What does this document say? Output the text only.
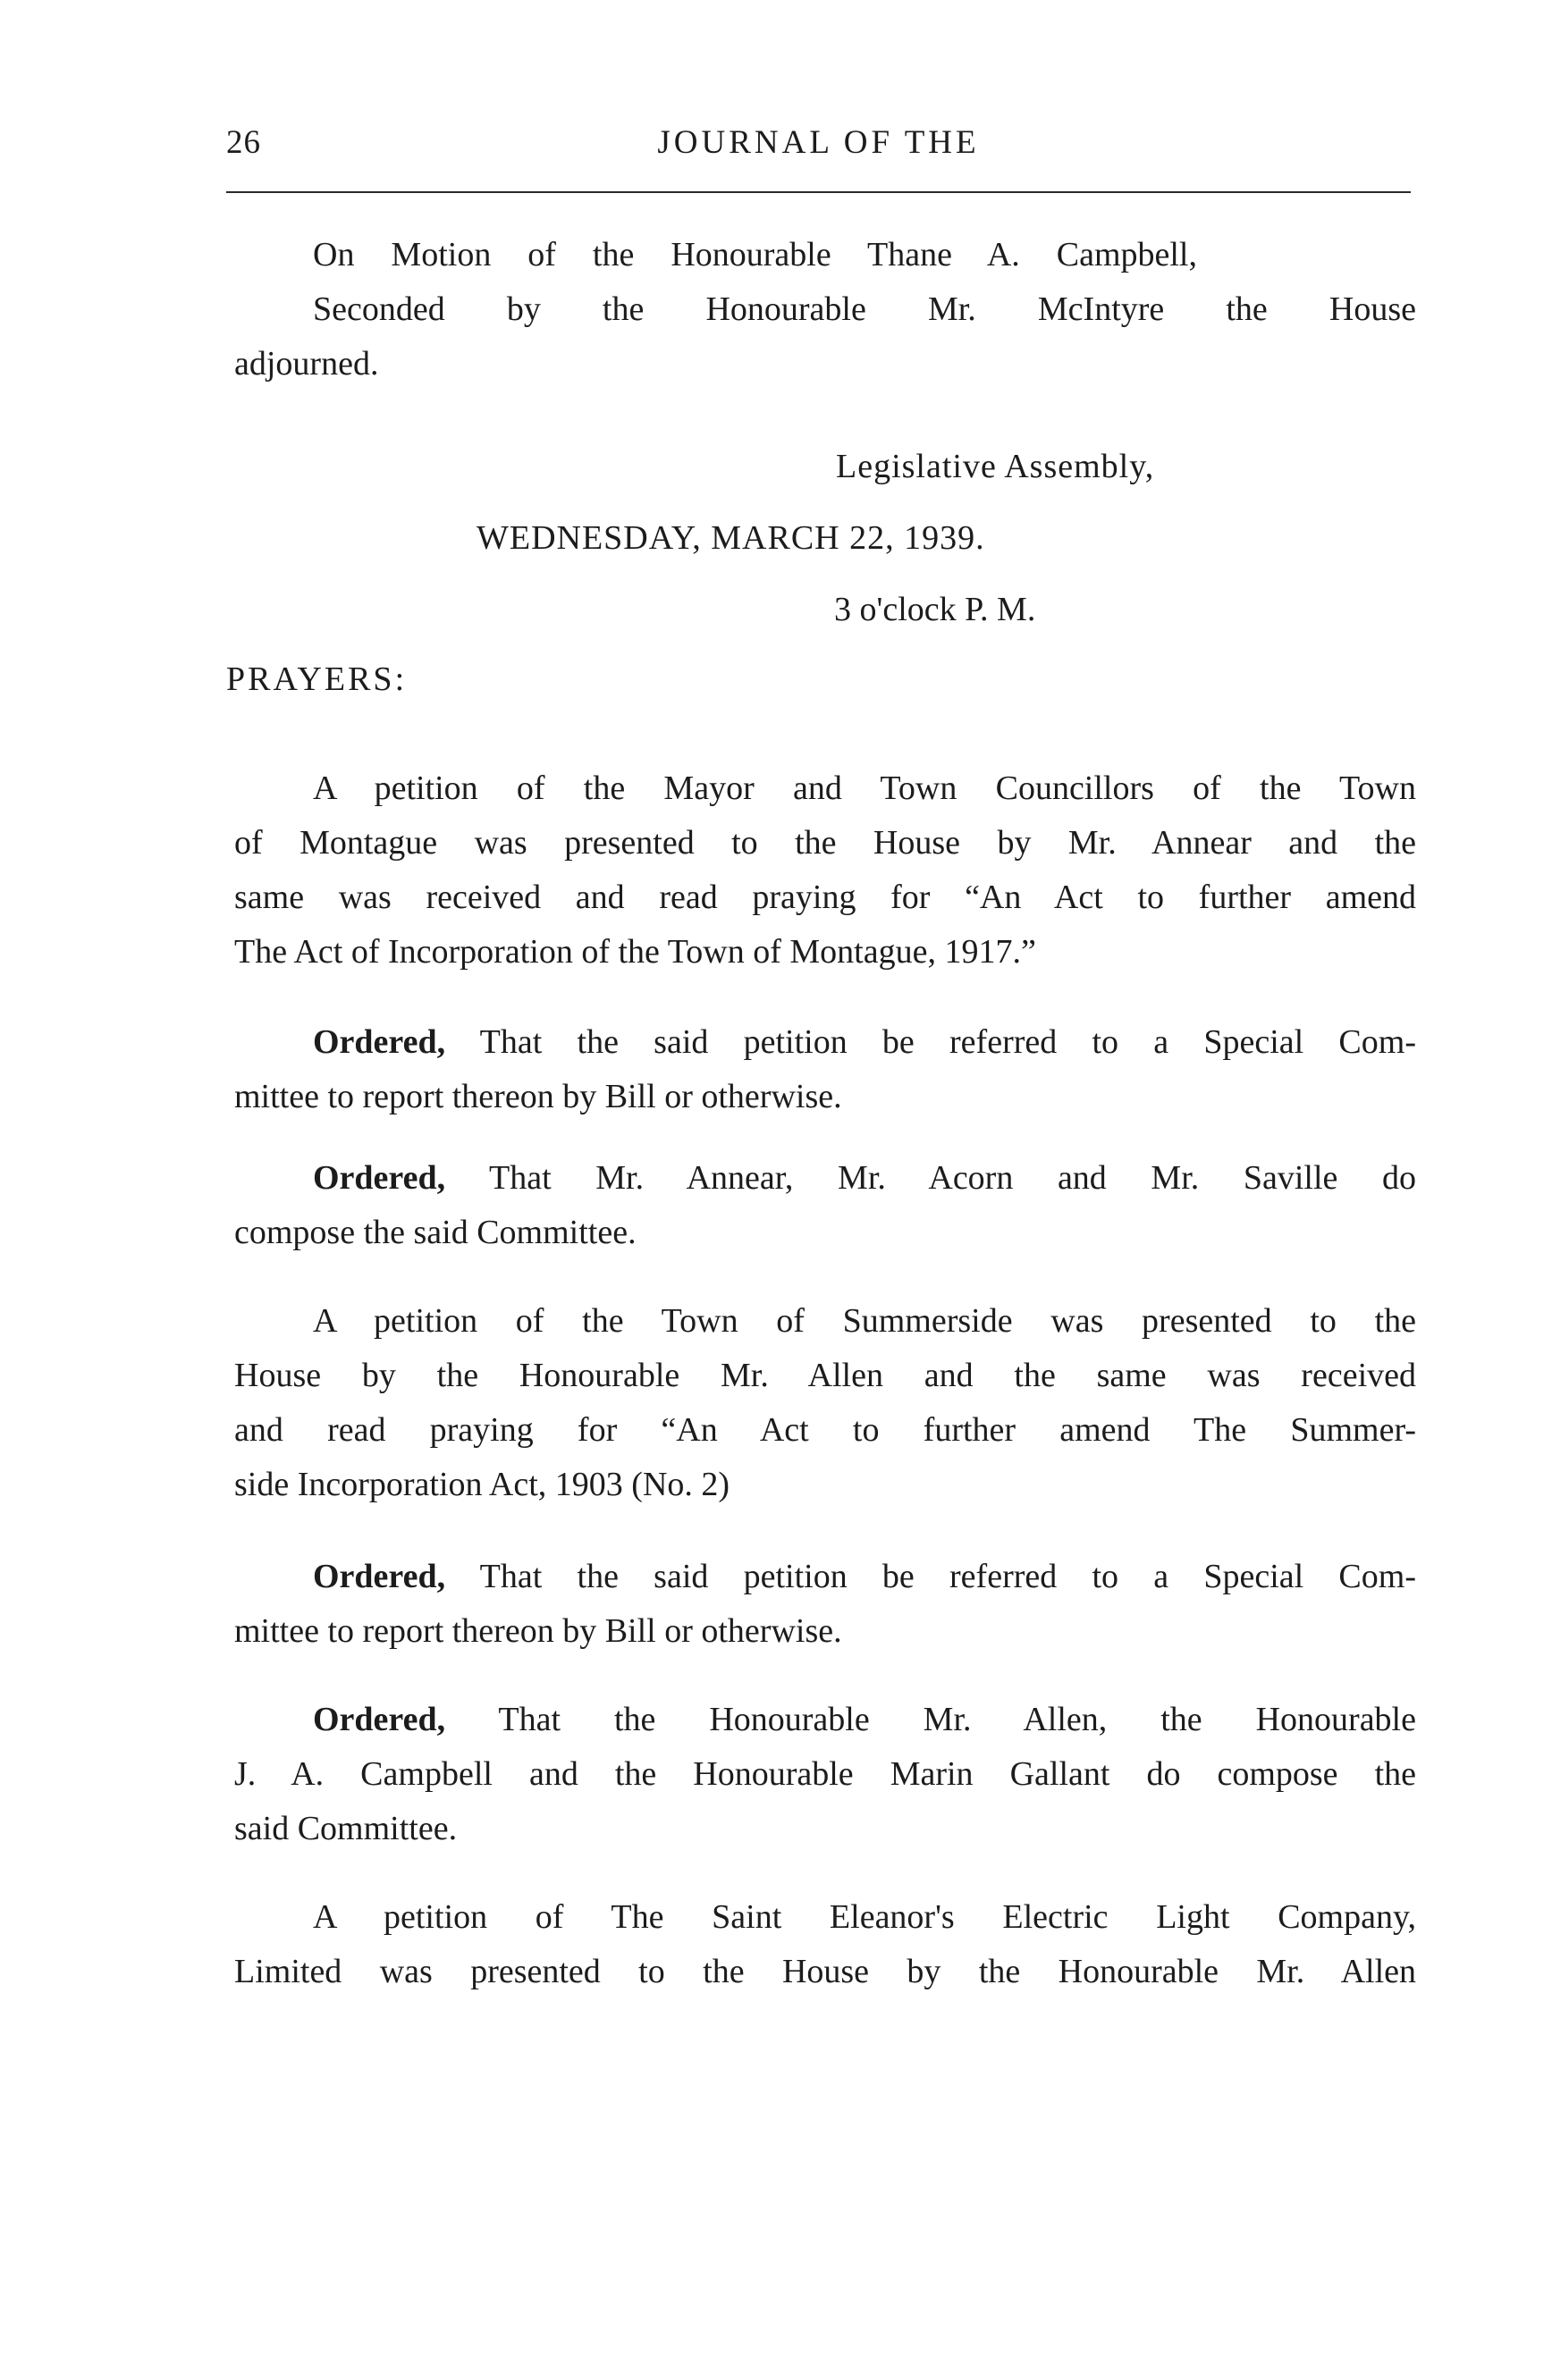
26	JOURNAL OF THE
On Motion of the Honourable Thane A. Campbell,
Seconded by the Honourable Mr. McIntyre the House
adjourned.
Legislative Assembly,
WEDNESDAY, MARCH 22, 1939.
3 o'clock P. M.
PRAYERS:
A petition of the Mayor and Town Councillors of the Town
of Montague was presented to the House by Mr. Annear and the
same was received and read praying for “An Act to further amend
The Act of Incorporation of the Town of Montague, 1917.”
Ordered, That the said petition be referred to a Special Com-
mittee to report thereon by Bill or otherwise.
Ordered, That Mr. Annear, Mr. Acorn and Mr. Saville do
compose the said Committee.
A petition of the Town of Summerside was presented to the
House by the Honourable Mr. Allen and the same was received
and read praying for “An Act to further amend The Summer-
side Incorporation Act, 1903 (No. 2)
Ordered, That the said petition be referred to a Special Com-
mittee to report thereon by Bill or otherwise.
Ordered, That the Honourable Mr. Allen, the Honourable
J. A. Campbell and the Honourable Marin Gallant do compose the
said Committee.
A petition of The Saint Eleanor's Electric Light Company,
Limited was presented to the House by the Honourable Mr. Allen
